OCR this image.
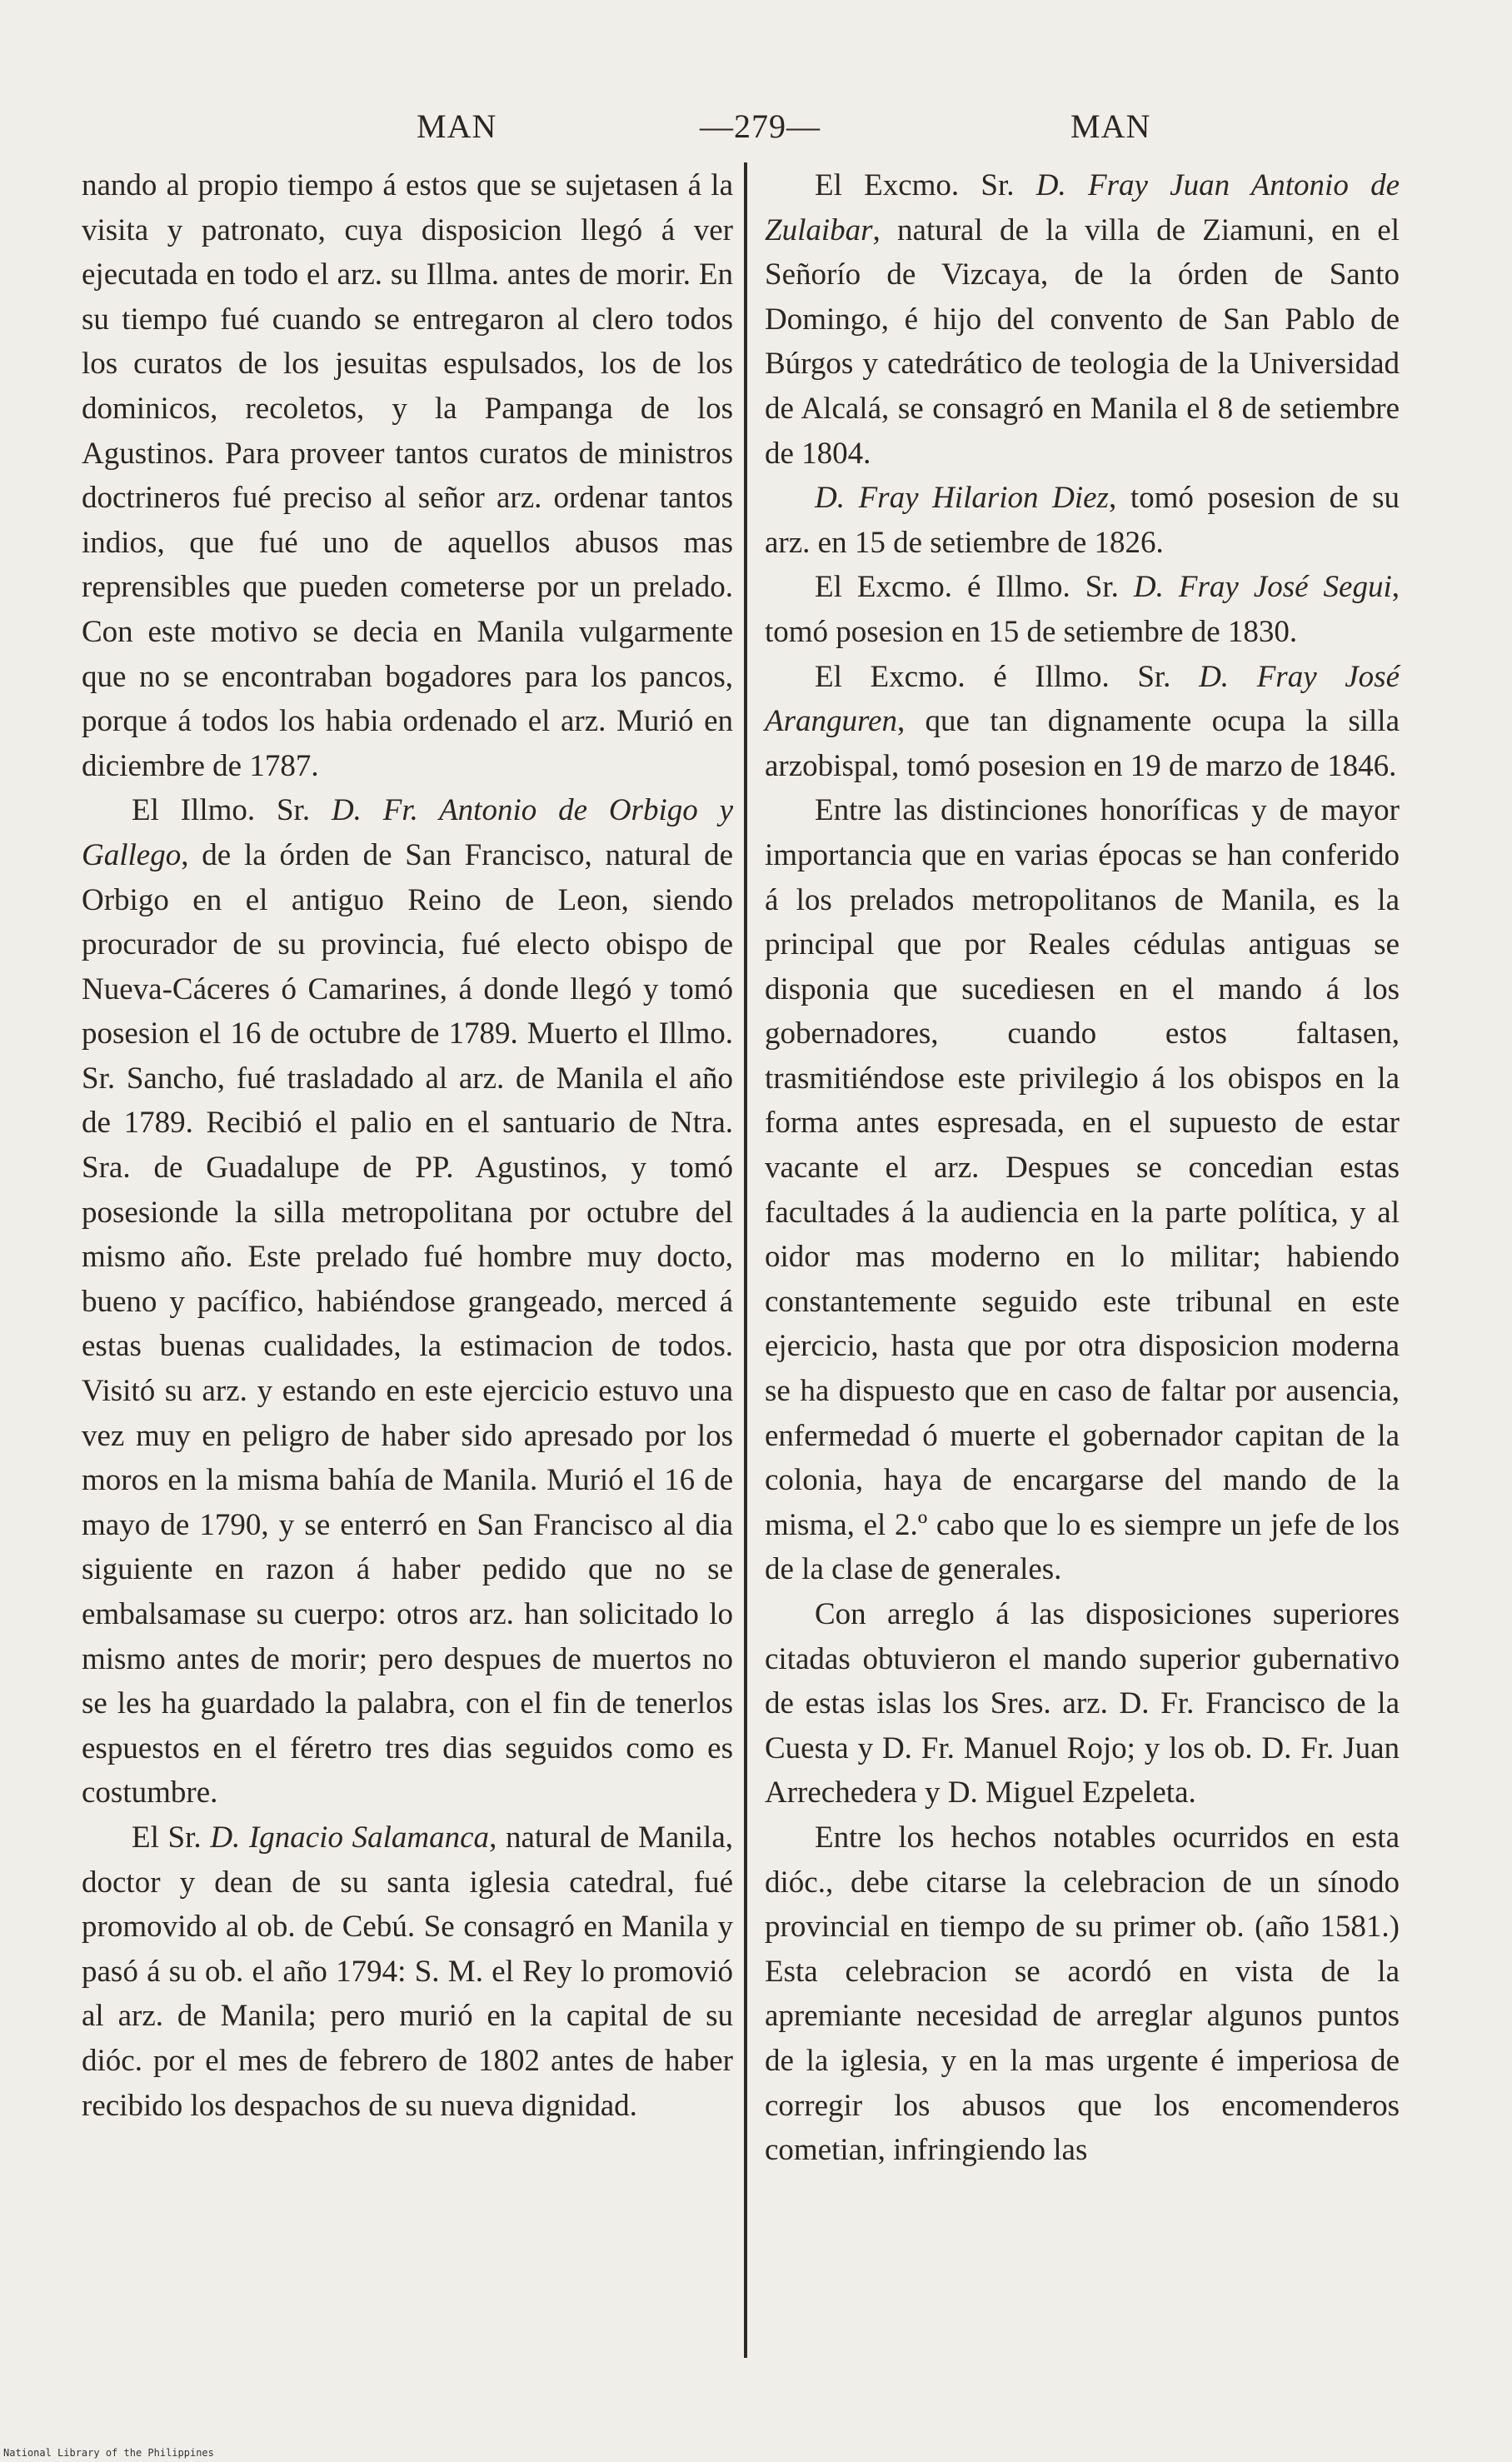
MAN	—279—	MAN

nando al propio tiempo á estos que se sujetasen á la visita y patronato, cuya disposicion llegó á ver ejecutada en todo el arz. su Illma. antes de morir. En su tiempo fué cuando se entregaron al clero todos los curatos de los jesuitas espulsados, los de los dominicos, recoletos, y la Pampanga de los Agustinos. Para proveer tantos curatos de ministros doctrineros fué preciso al señor arz. ordenar tantos indios, que fué uno de aquellos abusos mas reprensibles que pueden cometerse por un prelado. Con este motivo se decia en Manila vulgarmente que no se encontraban bogadores para los pancos, porque á todos los habia ordenado el arz. Murió en diciembre de 1787.

El Illmo. Sr. D. Fr. Antonio de Orbigo y Gallego, de la órden de San Francisco, natural de Orbigo en el antiguo Reino de Leon, siendo procurador de su provincia, fué electo obispo de Nueva-Cáceres ó Camarines, á donde llegó y tomó posesion el 16 de octubre de 1789. Muerto el Illmo. Sr. Sancho, fué trasladado al arz. de Manila el año de 1789. Recibió el palio en el santuario de Ntra. Sra. de Guadalupe de PP. Agustinos, y tomó posesionde la silla metropolitana por octubre del mismo año. Este prelado fué hombre muy docto, bueno y pacífico, habiéndose grangeado, merced á estas buenas cualidades, la estimacion de todos. Visitó su arz. y estando en este ejercicio estuvo una vez muy en peligro de haber sido apresado por los moros en la misma bahía de Manila. Murió el 16 de mayo de 1790, y se enterró en San Francisco al dia siguiente en razon á haber pedido que no se embalsamase su cuerpo: otros arz. han solicitado lo mismo antes de morir; pero despues de muertos no se les ha guardado la palabra, con el fin de tenerlos espuestos en el féretro tres dias seguidos como es costumbre.

El Sr. D. Ignacio Salamanca, natural de Manila, doctor y dean de su santa iglesia catedral, fué promovido al ob. de Cebú. Se consagró en Manila y pasó á su ob. el año 1794: S. M. el Rey lo promovió al arz. de Manila; pero murió en la capital de su dióc. por el mes de febrero de 1802 antes de haber recibido los despachos de su nueva dignidad.

El Excmo. Sr. D. Fray Juan Antonio de Zulaibar, natural de la villa de Ziamuni, en el Señorío de Vizcaya, de la órden de Santo Domingo, é hijo del convento de San Pablo de Búrgos y catedrático de teologia de la Universidad de Alcalá, se consagró en Manila el 8 de setiembre de 1804.

D. Fray Hilarion Diez, tomó posesion de su arz. en 15 de setiembre de 1826.

El Excmo. é Illmo. Sr. D. Fray José Segui, tomó posesion en 15 de setiembre de 1830.

El Excmo. é Illmo. Sr. D. Fray José Aranguren, que tan dignamente ocupa la silla arzobispal, tomó posesion en 19 de marzo de 1846.

Entre las distinciones honoríficas y de mayor importancia que en varias épocas se han conferido á los prelados metropolitanos de Manila, es la principal que por Reales cédulas antiguas se disponia que sucediesen en el mando á los gobernadores, cuando estos faltasen, trasmitiéndose este privilegio á los obispos en la forma antes espresada, en el supuesto de estar vacante el arz. Despues se concedian estas facultades á la audiencia en la parte política, y al oidor mas moderno en lo militar; habiendo constantemente seguido este tribunal en este ejercicio, hasta que por otra disposicion moderna se ha dispuesto que en caso de faltar por ausencia, enfermedad ó muerte el gobernador capitan de la colonia, haya de encargarse del mando de la misma, el 2.º cabo que lo es siempre un jefe de los de la clase de generales.

Con arreglo á las disposiciones superiores citadas obtuvieron el mando superior gubernativo de estas islas los Sres. arz. D. Fr. Francisco de la Cuesta y D. Fr. Manuel Rojo; y los ob. D. Fr. Juan Arrechedera y D. Miguel Ezpeleta.

Entre los hechos notables ocurridos en esta dióc., debe citarse la celebracion de un sínodo provincial en tiempo de su primer ob. (año 1581.) Esta celebracion se acordó en vista de la apremiante necesidad de arreglar algunos puntos de la iglesia, y en la mas urgente é imperiosa de corregir los abusos que los encomenderos cometian, infringiendo las

National Library of the Philippines
